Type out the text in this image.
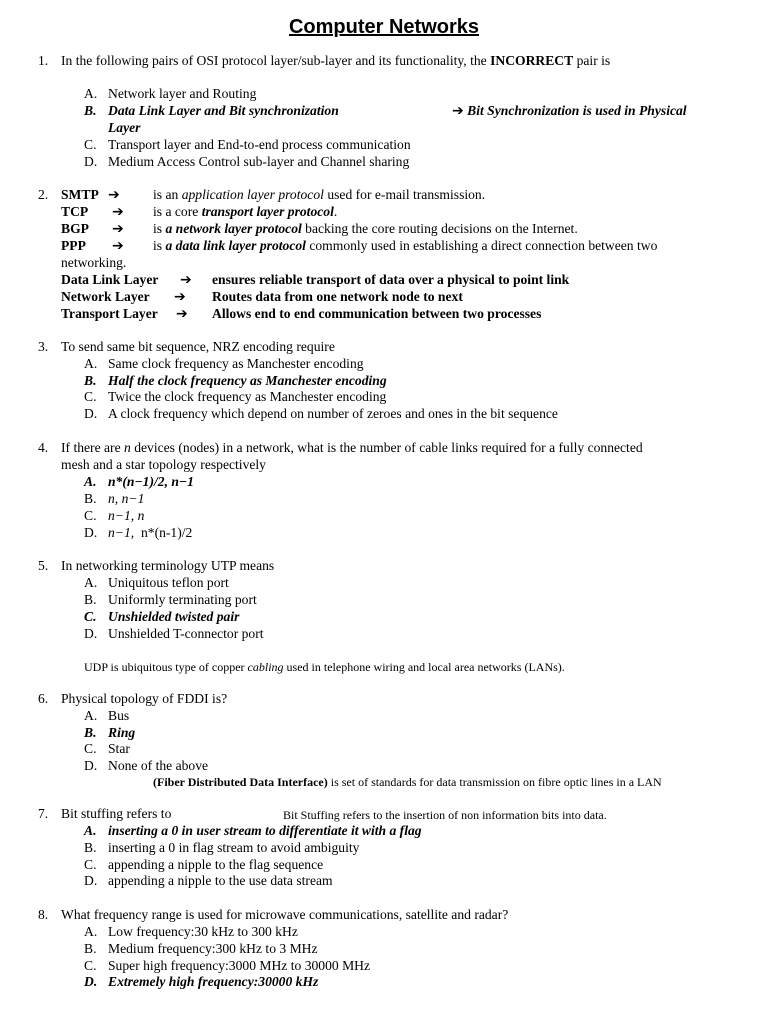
Computer Networks
1. In the following pairs of OSI protocol layer/sub-layer and its functionality, the INCORRECT pair is
A. Network layer and Routing
B. Data Link Layer and Bit synchronization	➔ Bit Synchronization is used in Physical
Layer
C. Transport layer and End-to-end process communication
D. Medium Access Control sub-layer and Channel sharing
2. SMTP ➔ is an application layer protocol used for e-mail transmission.
TCP ➔ is a core transport layer protocol.
BGP ➔ is a network layer protocol backing the core routing decisions on the Internet.
PPP ➔ is a data link layer protocol commonly used in establishing a direct connection between two
networking.
Data Link Layer ➔ ensures reliable transport of data over a physical to point link
Network Layer ➔ Routes data from one network node to next
Transport Layer ➔ Allows end to end communication between two processes
3. To send same bit sequence, NRZ encoding require
A. Same clock frequency as Manchester encoding
B. Half the clock frequency as Manchester encoding
C. Twice the clock frequency as Manchester encoding
D. A clock frequency which depend on number of zeroes and ones in the bit sequence
4. If there are n devices (nodes) in a network, what is the number of cable links required for a fully connected
mesh and a star topology respectively
A. n*(n−1)/2, n−1
B. n, n−1
C. n−1, n
D. n−1,  n*(n-1)/2
5. In networking terminology UTP means
A. Uniquitous teflon port
B. Uniformly terminating port
C. Unshielded twisted pair
D. Unshielded T-connector port
UDP is ubiquitous type of copper cabling used in telephone wiring and local area networks (LANs).
6. Physical topology of FDDI is?
A. Bus
B. Ring
C. Star
D. None of the above
(Fiber Distributed Data Interface) is set of standards for data transmission on fibre optic lines in a LAN
7. Bit stuffing refers to	Bit Stuffing refers to the insertion of non information bits into data.
A. inserting a 0 in user stream to differentiate it with a flag
B. inserting a 0 in flag stream to avoid ambiguity
C. appending a nipple to the flag sequence
D. appending a nipple to the use data stream
8. What frequency range is used for microwave communications, satellite and radar?
A. Low frequency:30 kHz to 300 kHz
B. Medium frequency:300 kHz to 3 MHz
C. Super high frequency:3000 MHz to 30000 MHz
D. Extremely high frequency:30000 kHz
